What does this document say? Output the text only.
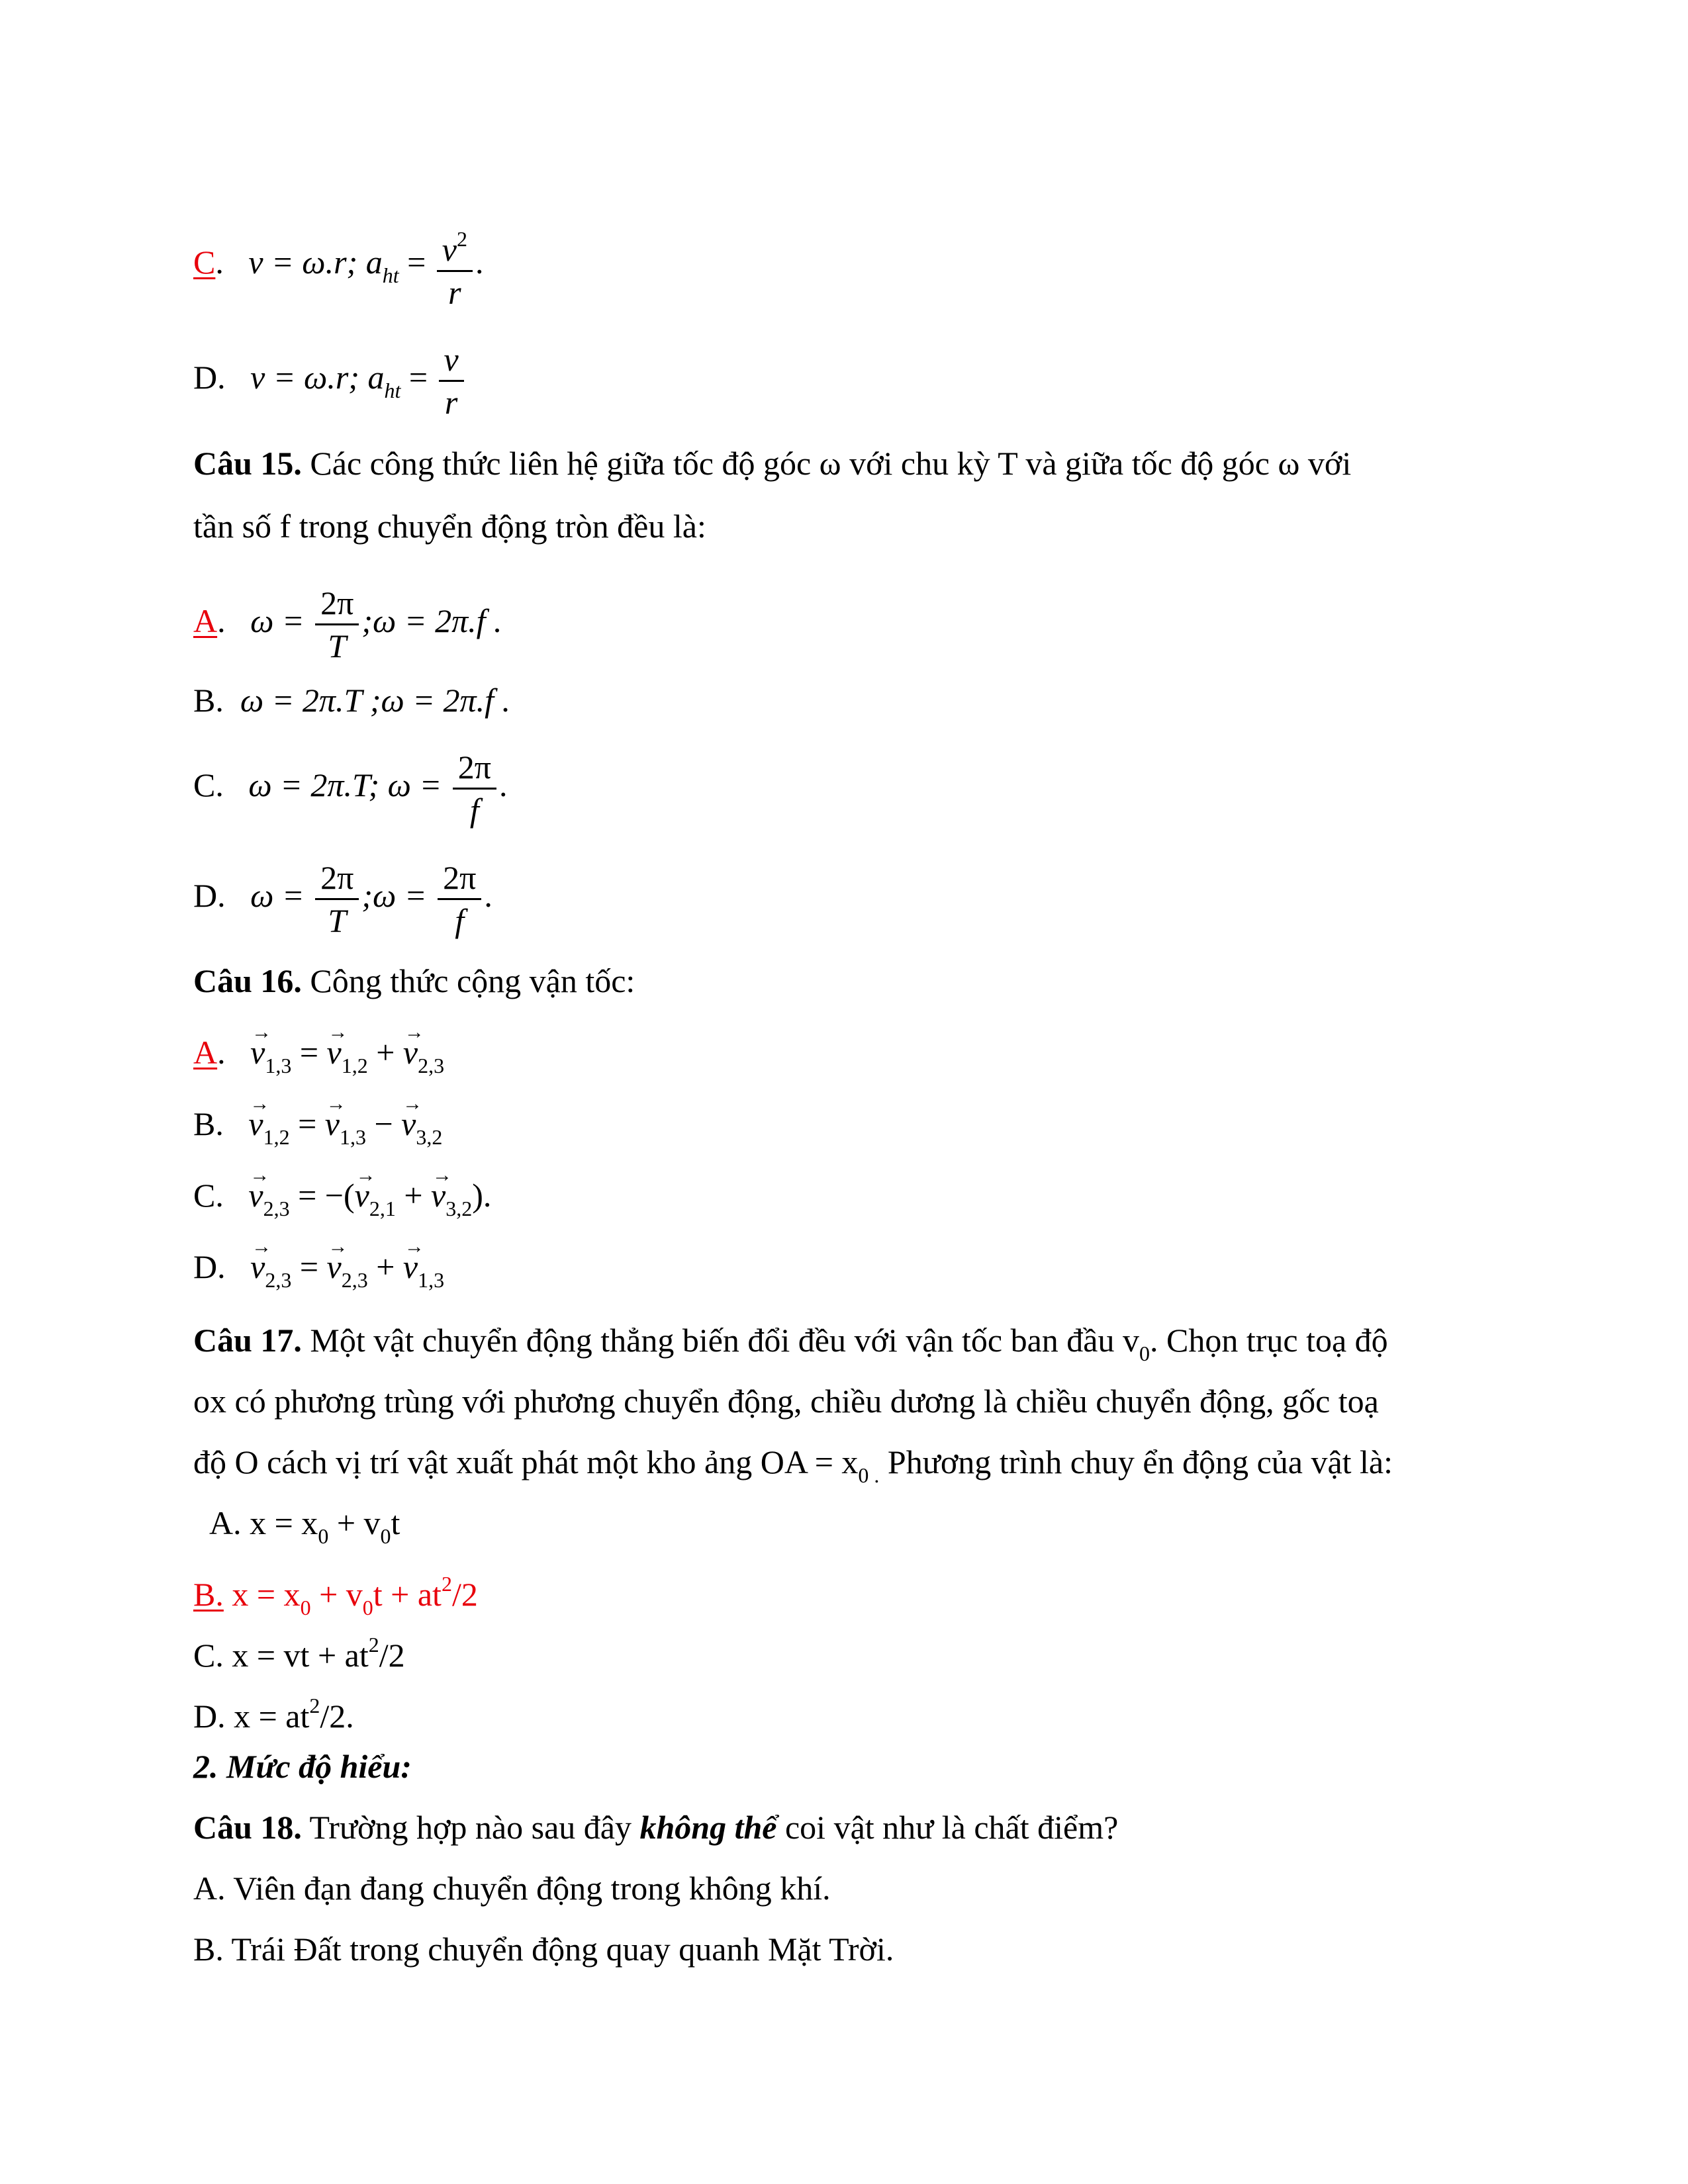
C.   v = ω.r; $a_{ht} = \frac{v^2}{r}$ .
D. v = ω.r; $a_{ht} = \frac{v}{r}$
Câu 15. Các công thức liên hệ giữa tốc độ góc ω với chu kỳ T và giữa tốc độ góc ω với
tần số f trong chuyển động tròn đều là:
A.   $\omega = \frac{2\pi}{T}$ ;ω = 2π.f .
B. ω = 2π.T ;ω = 2π.f .
C. ω = 2π.T; $\omega = \frac{2\pi}{f}$ .
D. $\omega = \frac{2\pi}{T}$ ;ω = $\frac{2\pi}{f}$ .
Câu 16. Công thức cộng vận tốc:
A.   → $v_{1,3}$ = → $v_{1,2}$ + → $v_{2,3}$
B. → $v_{1,2}$ = → $v_{1,3}$ − → $v_{3,2}$
C. → $v_{2,3}$ = −(→ $v_{2,1}$ + → $v_{3,2}$).
D. → $v_{2,3}$ = → $v_{2,3}$ + → $v_{1,3}$
Câu 17. Một vật chuyển động thẳng biến đổi đều với vận tốc ban đầu $v_0$. Chọn trục toạ độ
ox có phương trùng với phương chuyển động, chiều dương là chiều chuyển động, gốc toạ
độ O cách vị trí vật xuất phát một kho ảng OA = $x_{0 .}$ Phương trình chuy ển động của vật là:
A. $x = x_0 + v_0t$
B. $x = x_0 + v_0t + at^2/2$
C. x = vt + $at^2/2$
D. $x = at^2/2$.
2. Mức độ hiểu:
Câu 18. Trường hợp nào sau đây không thể coi vật như là chất điểm?
A. Viên đạn đang chuyển động trong không khí.
B. Trái Đất trong chuyển động quay quanh Mặt Trời.
